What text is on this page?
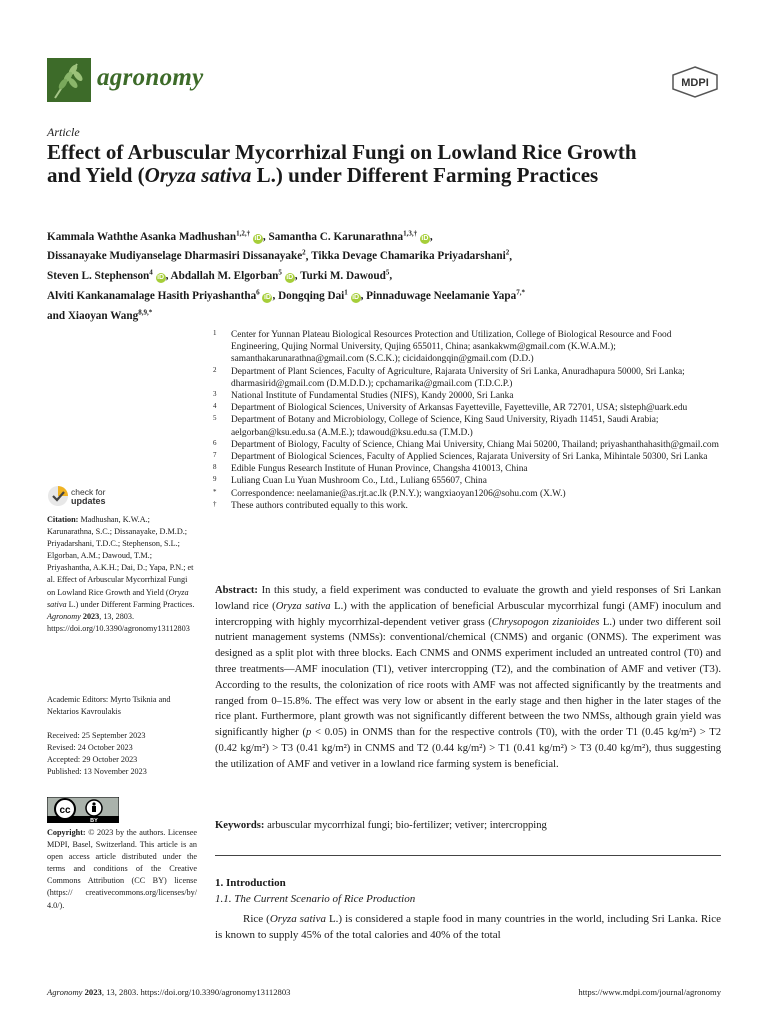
agronomy	MDPI
Article
Effect of Arbuscular Mycorrhizal Fungi on Lowland Rice Growth and Yield (Oryza sativa L.) under Different Farming Practices
Kammala Waththe Asanka Madhushan$^{1,2,\dagger}$ iD , Samantha C. Karunarathna$^{1,3,\dagger}$ iD ,
Dissanayake Mudiyanselage Dharmasiri Dissanayake$^2$, Tikka Devage Chamarika Priyadarshani$^2$,
Steven L. Stephenson$^4$ iD , Abdallah M. Elgorban$^5$ iD , Turki M. Dawoud$^5$,
Alviti Kankanamalage Hasith Priyashantha$^6$ iD , Dongqing Dai$^1$ iD , Pinnaduwage Neelamanie Yapa$^{7,*}$
and Xiaoyan Wang$^{8,9,*}$
1 Center for Yunnan Plateau Biological Resources Protection and Utilization, College of Biological Resource and Food Engineering, Qujing Normal University, Qujing 655011, China; asankakwm@gmail.com (K.W.A.M.); samanthakarunarathna@gmail.com (S.C.K.); cicidaidongqin@gmail.com (D.D.)
2 Department of Plant Sciences, Faculty of Agriculture, Rajarata University of Sri Lanka, Anuradhapura 50000, Sri Lanka; dharmasirid@gmail.com (D.M.D.D.); cpchamarika@gmail.com (T.D.C.P.)
3 National Institute of Fundamental Studies (NIFS), Kandy 20000, Sri Lanka
4 Department of Biological Sciences, University of Arkansas Fayetteville, Fayetteville, AR 72701, USA; slsteph@uark.edu
5 Department of Botany and Microbiology, College of Science, King Saud University, Riyadh 11451, Saudi Arabia; aelgorban@ksu.edu.sa (A.M.E.); tdawoud@ksu.edu.sa (T.M.D.)
6 Department of Biology, Faculty of Science, Chiang Mai University, Chiang Mai 50200, Thailand; priyashanthahasith@gmail.com
7 Department of Biological Sciences, Faculty of Applied Sciences, Rajarata University of Sri Lanka, Mihintale 50300, Sri Lanka
8 Edible Fungus Research Institute of Hunan Province, Changsha 410013, China
9 Luliang Cuan Lu Yuan Mushroom Co., Ltd., Luliang 655607, China
* Correspondence: neelamanie@as.rjt.ac.lk (P.N.Y.); wangxiaoyan1206@sohu.com (X.W.)
† These authors contributed equally to this work.
check for
updates
Citation: Madhushan, K.W.A.; Karunarathna, S.C.; Dissanayake, D.M.D.; Priyadarshani, T.D.C.; Stephenson, S.L.; Elgorban, A.M.; Dawoud, T.M.; Priyashantha, A.K.H.; Dai, D.; Yapa, P.N.; et al. Effect of Arbuscular Mycorrhizal Fungi on Lowland Rice Growth and Yield (Oryza sativa L.) under Different Farming Practices. Agronomy 2023, 13, 2803. https://doi.org/10.3390/agronomy13112803
Academic Editors: Myrto Tsiknia and Nektarios Kavroulakis
Received: 25 September 2023
Revised: 24 October 2023
Accepted: 29 October 2023
Published: 13 November 2023
cc
BY
Copyright: © 2023 by the authors. Licensee MDPI, Basel, Switzerland. This article is an open access article distributed under the terms and conditions of the Creative Commons Attribution (CC BY) license (https:// creativecommons.org/licenses/by/ 4.0/).
Abstract: In this study, a field experiment was conducted to evaluate the growth and yield responses of Sri Lankan lowland rice (Oryza sativa L.) with the application of beneficial Arbuscular mycorrhizal fungi (AMF) inoculum and intercropping with highly mycorrhizal-dependent vetiver grass (Chrysopogon zizanioides L.) under two different soil nutrient management systems (NMSs): conventional/chemical (CNMS) and organic (ONMS). The experiment was designed as a split plot with three blocks. Each CNMS and ONMS experiment included an untreated control (T0) and three treatments—AMF inoculation (T1), vetiver intercropping (T2), and the combination of AMF and vetiver (T3). According to the results, the colonization of rice roots with AMF was not affected significantly by the treatments and ranged from 0–15.8%. The effect was very low or absent in the early stage and then higher in the later stages of the rice plant. Furthermore, plant growth was not significantly different between the two NMSs, although grain yield was significantly higher (p < 0.05) in ONMS than for the respective controls (T0), with the order T1 (0.45 kg/m²) > T2 (0.42 kg/m²) > T3 (0.41 kg/m²) in CNMS and T2 (0.44 kg/m²) > T1 (0.41 kg/m²) > T3 (0.40 kg/m²), thus suggesting the utilization of AMF and vetiver in a lowland rice farming system is beneficial.
Keywords: arbuscular mycorrhizal fungi; bio-fertilizer; vetiver; intercropping
1. Introduction
1.1. The Current Scenario of Rice Production

Rice (Oryza sativa L.) is considered a staple food in many countries in the world, including Sri Lanka. Rice is known to supply 45% of the total calories and 40% of the total

Agronomy 2023, 13, 2803. https://doi.org/10.3390/agronomy13112803	https://www.mdpi.com/journal/agronomy
